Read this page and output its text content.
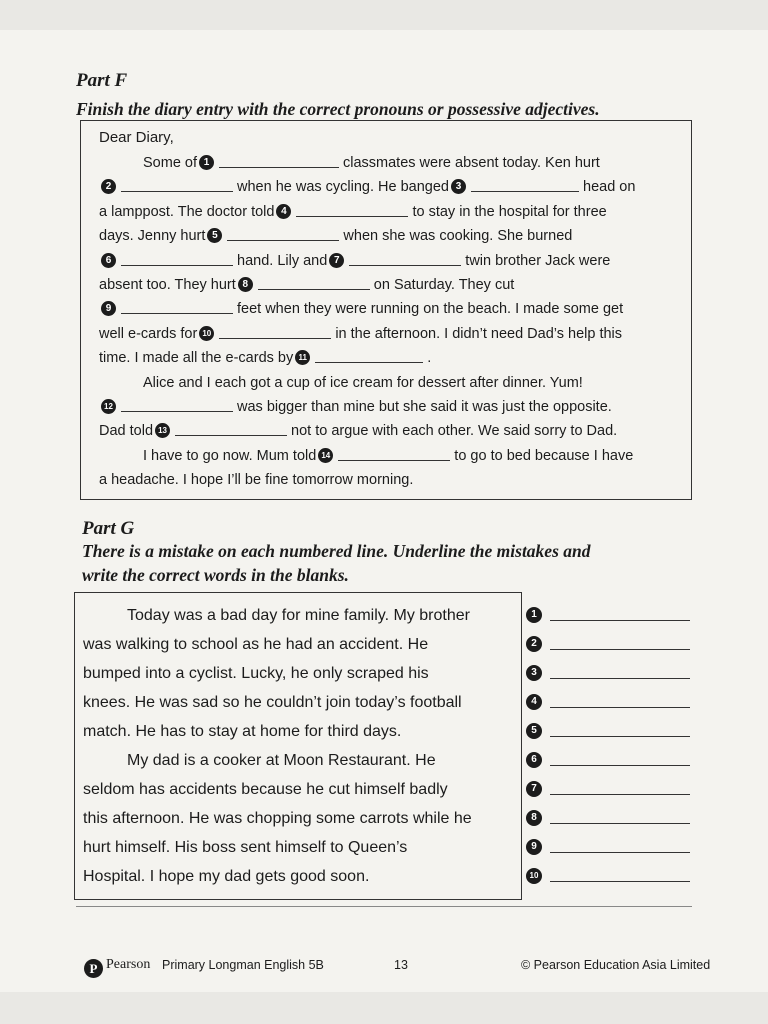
Part F
Finish the diary entry with the correct pronouns or possessive adjectives.
Dear Diary,
Some of 1	classmates were absent today. Ken hurt
2	when he was cycling. He banged 3	head on
a lamppost. The doctor told 4	to stay in the hospital for three
days. Jenny hurt 5	when she was cooking. She burned
6	hand. Lily and 7	twin brother Jack were
absent too. They hurt 8	on Saturday. They cut
9	feet when they were running on the beach. I made some get
well e-cards for 10	in the afternoon. I didn’t need Dad’s help this
time. I made all the e-cards by 11	.
Alice and I each got a cup of ice cream for dessert after dinner. Yum!
12	was bigger than mine but she said it was just the opposite.
Dad told 13	not to argue with each other. We said sorry to Dad.
I have to go now. Mum told 14	to go to bed because I have
a headache. I hope I’ll be fine tomorrow morning.
Part G
There is a mistake on each numbered line. Underline the mistakes and
write the correct words in the blanks.
Today was a bad day for mine family. My brother
was walking to school as he had an accident. He
bumped into a cyclist. Lucky, he only scraped his
knees. He was sad so he couldn’t join today’s football
match. He has to stay at home for third days.
My dad is a cooker at Moon Restaurant. He
seldom has accidents because he cut himself badly
this afternoon. He was chopping some carrots while he
hurt himself. His boss sent himself to Queen’s
Hospital. I hope my dad gets good soon.
1
2
3
4
5
6
7
8
9
10
P Pearson Primary Longman English 5B	13	© Pearson Education Asia Limited
